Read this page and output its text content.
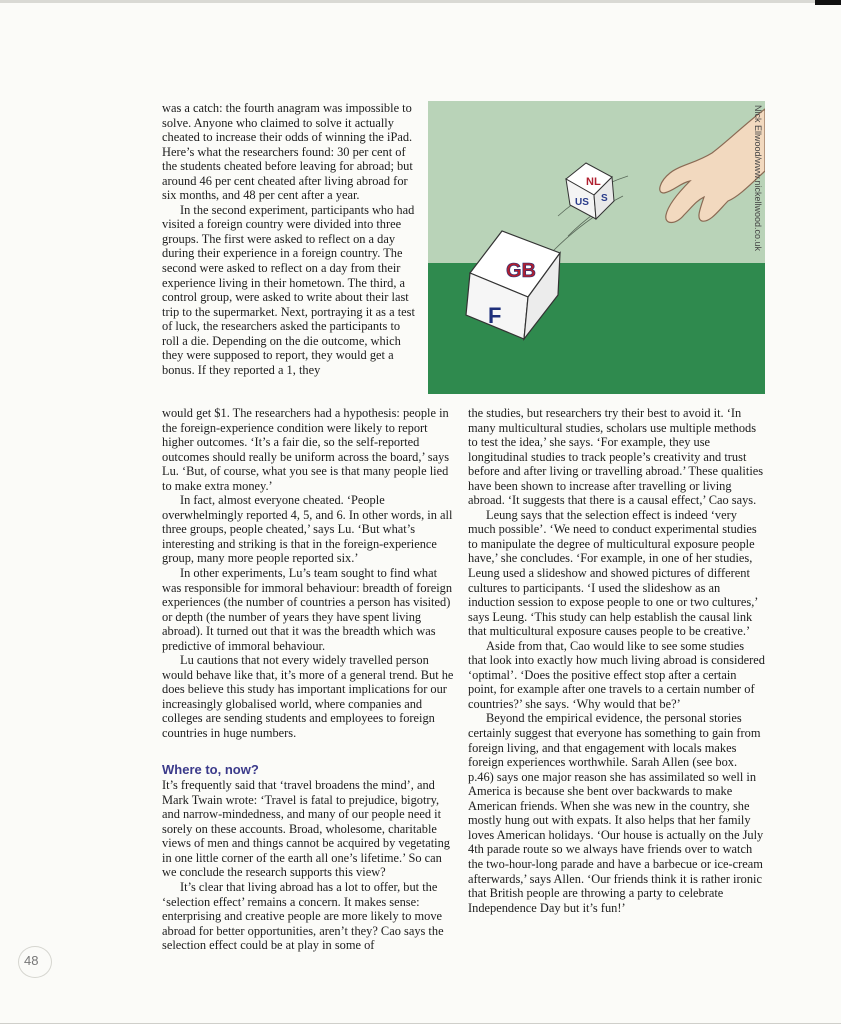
was a catch: the fourth anagram was impossible to solve. Anyone who claimed to solve it actually cheated to increase their odds of winning the iPad. Here’s what the researchers found: 30 per cent of the students cheated before leaving for abroad; but around 46 per cent cheated after living abroad for six months, and 48 per cent after a year.

In the second experiment, participants who had visited a foreign country were divided into three groups. The first were asked to reflect on a day during their experience in a foreign country. The second were asked to reflect on a day from their experience living in their hometown. The third, a control group, were asked to write about their last trip to the supermarket. Next, portraying it as a test of luck, the researchers asked the participants to roll a die. Depending on the die outcome, which they were supposed to report, they would get a bonus. If they reported a 1, they

NL
US S
GB
F
Nick Ellwood/www.nickellwood.co.uk

would get $1. The researchers had a hypothesis: people in the foreign-experience condition were likely to report higher outcomes. ‘It’s a fair die, so the self-reported outcomes should really be uniform across the board,’ says Lu. ‘But, of course, what you see is that many people lied to make extra money.’

In fact, almost everyone cheated. ‘People overwhelmingly reported 4, 5, and 6. In other words, in all three groups, people cheated,’ says Lu. ‘But what’s interesting and striking is that in the foreign-experience group, many more people reported six.’

In other experiments, Lu’s team sought to find what was responsible for immoral behaviour: breadth of foreign experiences (the number of countries a person has visited) or depth (the number of years they have spent living abroad). It turned out that it was the breadth which was predictive of immoral behaviour.

Lu cautions that not every widely travelled person would behave like that, it’s more of a general trend. But he does believe this study has important implications for our increasingly globalised world, where companies and colleges are sending students and employees to foreign countries in huge numbers.

Where to, now?

It’s frequently said that ‘travel broadens the mind’, and Mark Twain wrote: ‘Travel is fatal to prejudice, bigotry, and narrow-mindedness, and many of our people need it sorely on these accounts. Broad, wholesome, charitable views of men and things cannot be acquired by vegetating in one little corner of the earth all one’s lifetime.’ So can we conclude the research supports this view?

It’s clear that living abroad has a lot to offer, but the ‘selection effect’ remains a concern. It makes sense: enterprising and creative people are more likely to move abroad for better opportunities, aren’t they? Cao says the selection effect could be at play in some of

the studies, but researchers try their best to avoid it. ‘In many multicultural studies, scholars use multiple methods to test the idea,’ she says. ‘For example, they use longitudinal studies to track people’s creativity and trust before and after living or travelling abroad.’ These qualities have been shown to increase after travelling or living abroad. ‘It suggests that there is a causal effect,’ Cao says.

Leung says that the selection effect is indeed ‘very much possible’. ‘We need to conduct experimental studies to manipulate the degree of multicultural exposure people have,’ she concludes. ‘For example, in one of her studies, Leung used a slideshow and showed pictures of different cultures to participants. ‘I used the slideshow as an induction session to expose people to one or two cultures,’ says Leung. ‘This study can help establish the causal link that multicultural exposure causes people to be creative.’

Aside from that, Cao would like to see some studies that look into exactly how much living abroad is considered ‘optimal’. ‘Does the positive effect stop after a certain point, for example after one travels to a certain number of countries?’ she says. ‘Why would that be?’

Beyond the empirical evidence, the personal stories certainly suggest that everyone has something to gain from foreign living, and that engagement with locals makes foreign experiences worthwhile. Sarah Allen (see box. p.46) says one major reason she has assimilated so well in America is because she bent over backwards to make American friends. When she was new in the country, she mostly hung out with expats. It also helps that her family loves American holidays. ‘Our house is actually on the July 4th parade route so we always have friends over to watch the two-hour-long parade and have a barbecue or ice-cream afterwards,’ says Allen. ‘Our friends think it is rather ironic that British people are throwing a party to celebrate Independence Day but it’s fun!’

48
